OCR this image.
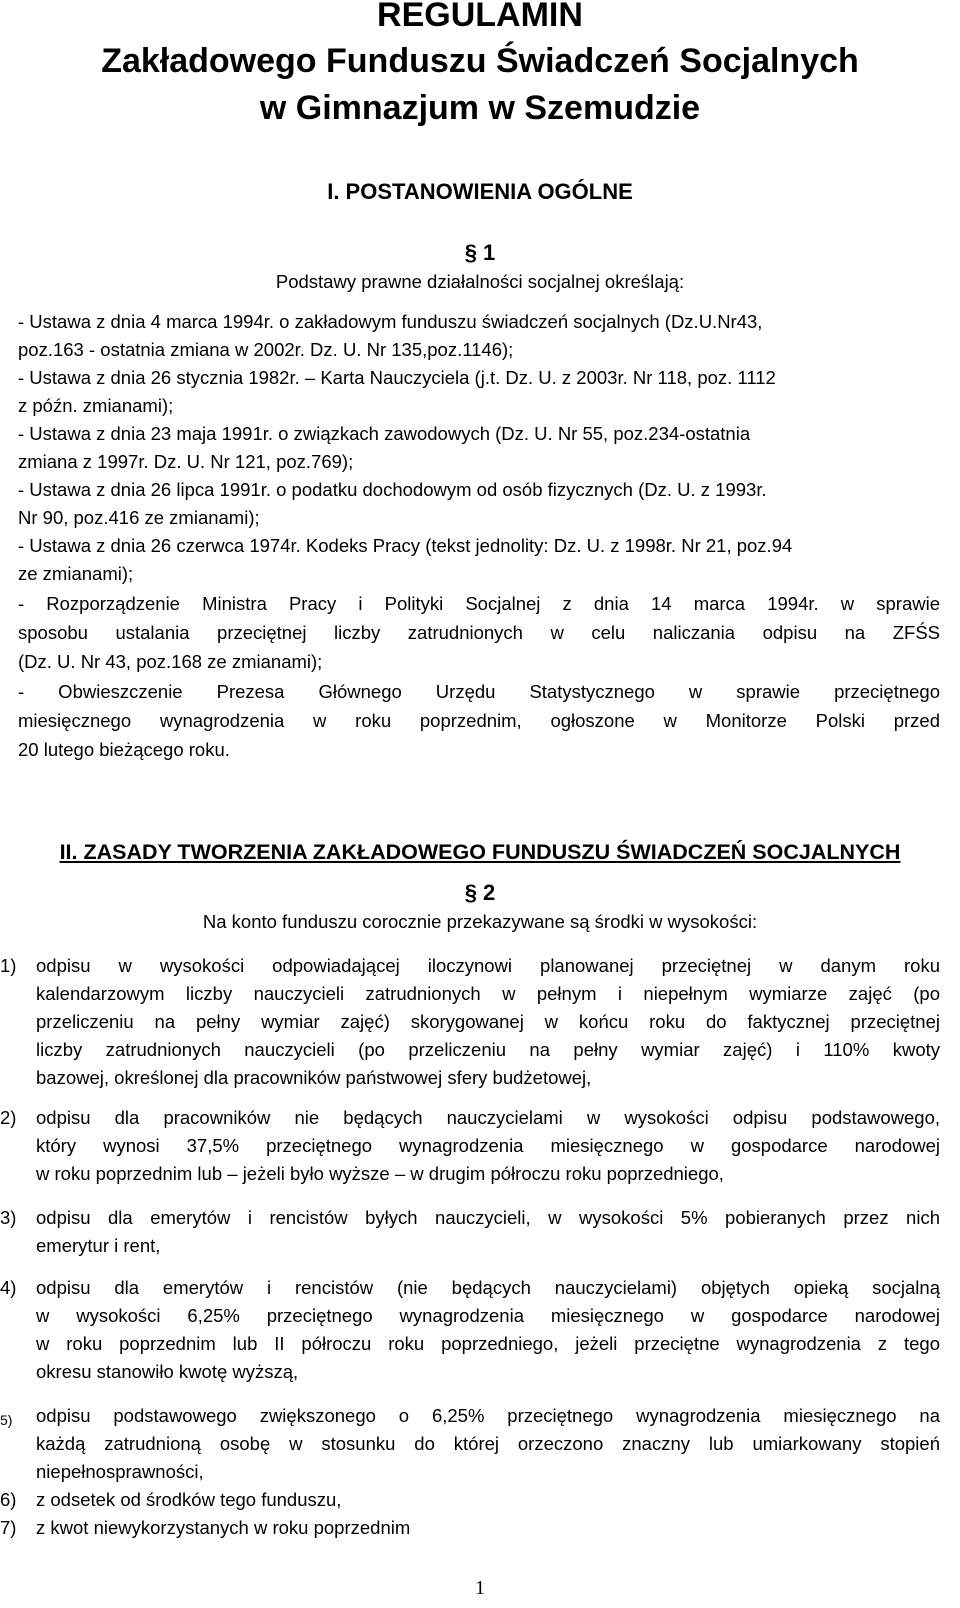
REGULAMIN
Zakładowego Funduszu Świadczeń Socjalnych
w Gimnazjum w Szemudzie
I. POSTANOWIENIA OGÓLNE
§ 1
Podstawy prawne działalności socjalnej określają:
- Ustawa z dnia 4 marca 1994r. o zakładowym funduszu świadczeń socjalnych (Dz.U.Nr43,
poz.163 - ostatnia zmiana w 2002r. Dz. U. Nr 135,poz.1146);
- Ustawa z dnia 26 stycznia 1982r. – Karta Nauczyciela (j.t. Dz. U. z 2003r. Nr 118, poz. 1112
z późn. zmianami);
- Ustawa z dnia 23 maja 1991r. o związkach zawodowych (Dz. U. Nr 55, poz.234-ostatnia
zmiana z 1997r. Dz. U. Nr 121, poz.769);
- Ustawa z dnia 26 lipca 1991r. o podatku dochodowym od osób fizycznych (Dz. U. z 1993r.
Nr 90, poz.416 ze zmianami);
- Ustawa z dnia 26 czerwca 1974r. Kodeks Pracy (tekst jednolity: Dz. U. z 1998r. Nr 21, poz.94
ze zmianami);
- Rozporządzenie Ministra Pracy i Polityki Socjalnej z dnia 14 marca 1994r. w sprawie
sposobu ustalania przeciętnej liczby zatrudnionych w celu naliczania odpisu na ZFŚS
(Dz. U. Nr 43, poz.168 ze zmianami);
- Obwieszczenie Prezesa Głównego Urzędu Statystycznego w sprawie przeciętnego
miesięcznego wynagrodzenia w roku poprzednim, ogłoszone w Monitorze Polski przed
20 lutego bieżącego roku.
II. ZASADY TWORZENIA ZAKŁADOWEGO FUNDUSZU ŚWIADCZEŃ SOCJALNYCH
§ 2
Na konto funduszu corocznie przekazywane są środki w wysokości:
1) odpisu w wysokości odpowiadającej iloczynowi planowanej przeciętnej w danym roku
kalendarzowym liczby nauczycieli zatrudnionych w pełnym i niepełnym wymiarze zajęć (po
przeliczeniu na pełny wymiar zajęć) skorygowanej w końcu roku do faktycznej przeciętnej
liczby zatrudnionych nauczycieli (po przeliczeniu na pełny wymiar zajęć) i 110% kwoty
bazowej, określonej dla pracowników państwowej sfery budżetowej,
2) odpisu dla pracowników nie będących nauczycielami w wysokości odpisu podstawowego,
który wynosi 37,5% przeciętnego wynagrodzenia miesięcznego w gospodarce narodowej
w roku poprzednim lub – jeżeli było wyższe – w drugim półroczu roku poprzedniego,
3) odpisu dla emerytów i rencistów byłych nauczycieli, w wysokości 5% pobieranych przez nich
emerytur i rent,
4) odpisu dla emerytów i rencistów (nie będących nauczycielami) objętych opieką socjalną
w wysokości 6,25% przeciętnego wynagrodzenia miesięcznego w gospodarce narodowej
w roku poprzednim lub II półroczu roku poprzedniego, jeżeli przeciętne wynagrodzenia z tego
okresu stanowiło kwotę wyższą,
5) odpisu podstawowego zwiększonego o 6,25% przeciętnego wynagrodzenia miesięcznego na
każdą zatrudnioną osobę w stosunku do której orzeczono znaczny lub umiarkowany stopień
niepełnosprawności,
6) z odsetek od środków tego funduszu,
7) z kwot niewykorzystanych w roku poprzednim
1
